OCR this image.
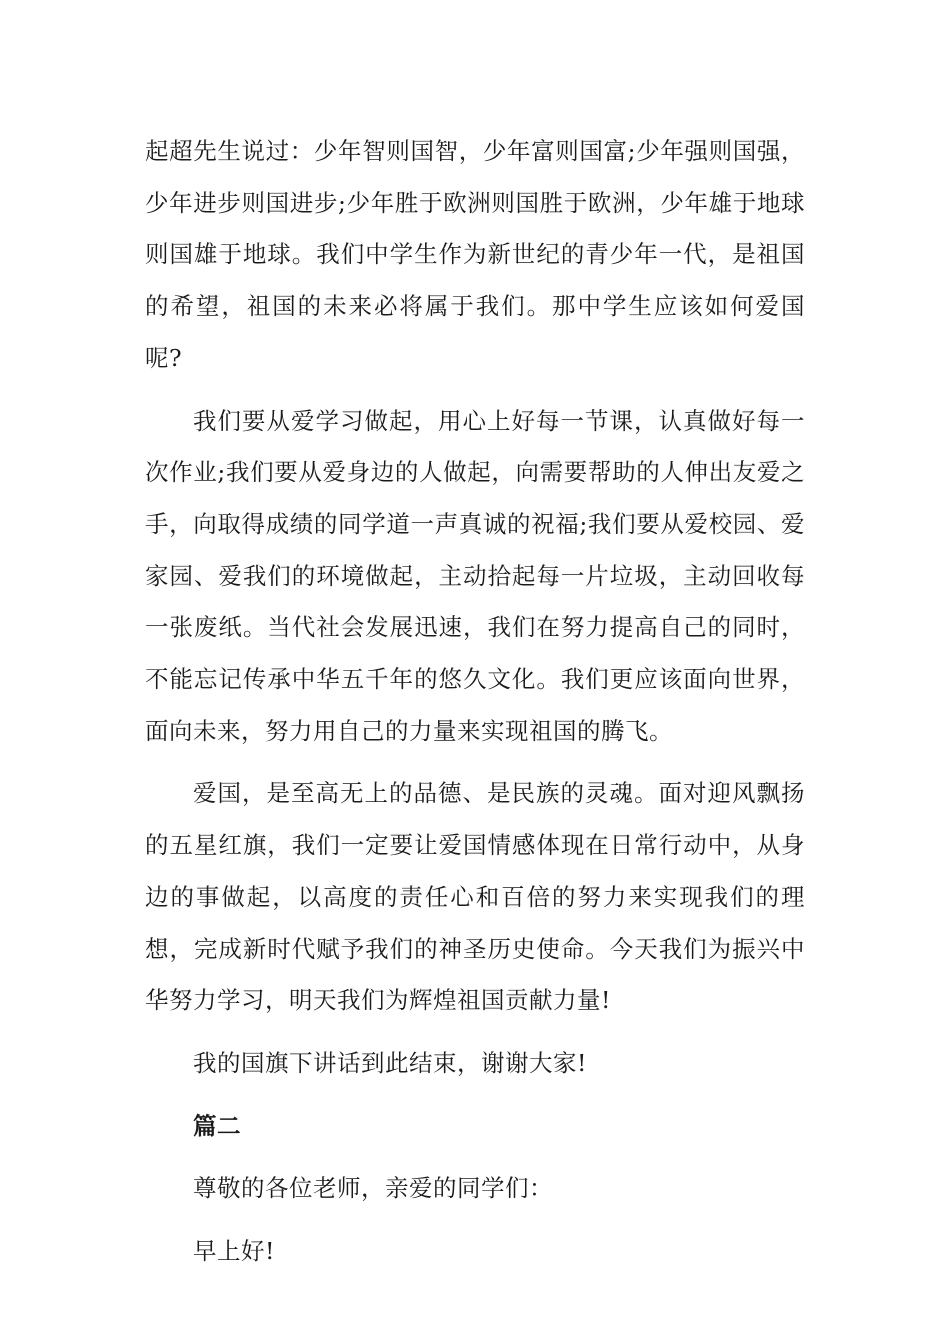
起超先生说过：少年智则国智，少年富则国富;少年强则国强，少年进步则国进步;少年胜于欧洲则国胜于欧洲，少年雄于地球则国雄于地球。我们中学生作为新世纪的青少年一代，是祖国的希望，祖国的未来必将属于我们。那中学生应该如何爱国呢?

我们要从爱学习做起，用心上好每一节课，认真做好每一次作业;我们要从爱身边的人做起，向需要帮助的人伸出友爱之手，向取得成绩的同学道一声真诚的祝福;我们要从爱校园、爱家园、爱我们的环境做起，主动拾起每一片垃圾，主动回收每一张废纸。当代社会发展迅速，我们在努力提高自己的同时，不能忘记传承中华五千年的悠久文化。我们更应该面向世界，面向未来，努力用自己的力量来实现祖国的腾飞。

爱国，是至高无上的品德、是民族的灵魂。面对迎风飘扬的五星红旗，我们一定要让爱国情感体现在日常行动中，从身边的事做起，以高度的责任心和百倍的努力来实现我们的理想，完成新时代赋予我们的神圣历史使命。今天我们为振兴中华努力学习，明天我们为辉煌祖国贡献力量!

我的国旗下讲话到此结束，谢谢大家!

篇二

尊敬的各位老师，亲爱的同学们：

早上好!
